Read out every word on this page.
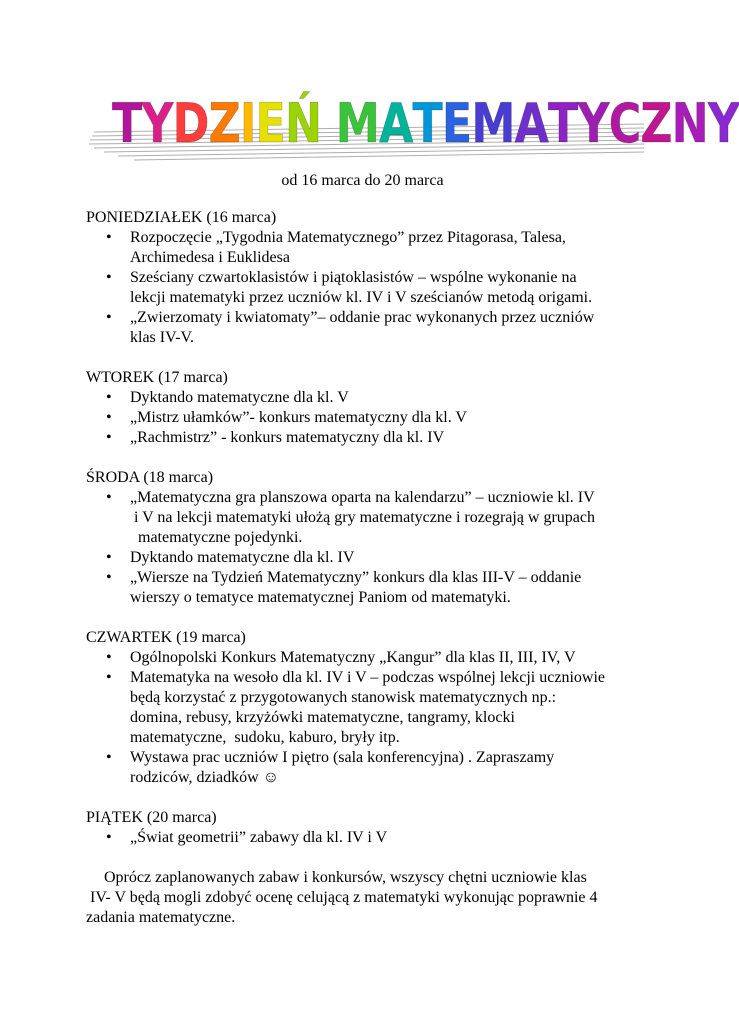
TYDZIEŃ MATEMATYCZNY
od 16 marca do 20 marca

PONIEDZIAŁEK (16 marca)

• Rozpoczęcie „Tygodnia Matematycznego” przez Pitagorasa, Talesa,
Archimedesa i Euklidesa
• Sześciany czwartoklasistów i piątoklasistów – wspólne wykonanie na
lekcji matematyki przez uczniów kl. IV i V sześcianów metodą origami.
• „Zwierzomaty i kwiatomaty”– oddanie prac wykonanych przez uczniów
klas IV-V.

WTOREK (17 marca)

• Dyktando matematyczne dla kl. V
• „Mistrz ułamków”- konkurs matematyczny dla kl. V
• „Rachmistrz” - konkurs matematyczny dla kl. IV

ŚRODA (18 marca)

• „Matematyczna gra planszowa oparta na kalendarzu” – uczniowie kl. IV
i V na lekcji matematyki ułożą gry matematyczne i rozegrają w grupach
matematyczne pojedynki.
• Dyktando matematyczne dla kl. IV
• „Wiersze na Tydzień Matematyczny” konkurs dla klas III-V – oddanie
wierszy o tematyce matematycznej Paniom od matematyki.

CZWARTEK (19 marca)

• Ogólnopolski Konkurs Matematyczny „Kangur” dla klas II, III, IV, V
• Matematyka na wesoło dla kl. IV i V – podczas wspólnej lekcji uczniowie
będą korzystać z przygotowanych stanowisk matematycznych np.:
domina, rebusy, krzyżówki matematyczne, tangramy, klocki
matematyczne,  sudoku, kaburo, bryły itp.
• Wystawa prac uczniów I piętro (sala konferencyjna) . Zapraszamy
rodziców, dziadków ☺

PIĄTEK (20 marca)

• „Świat geometrii” zabawy dla kl. IV i V
Oprócz zaplanowanych zabaw i konkursów, wszyscy chętni uczniowie klas
IV- V będą mogli zdobyć ocenę celującą z matematyki wykonując poprawnie 4
zadania matematyczne.
